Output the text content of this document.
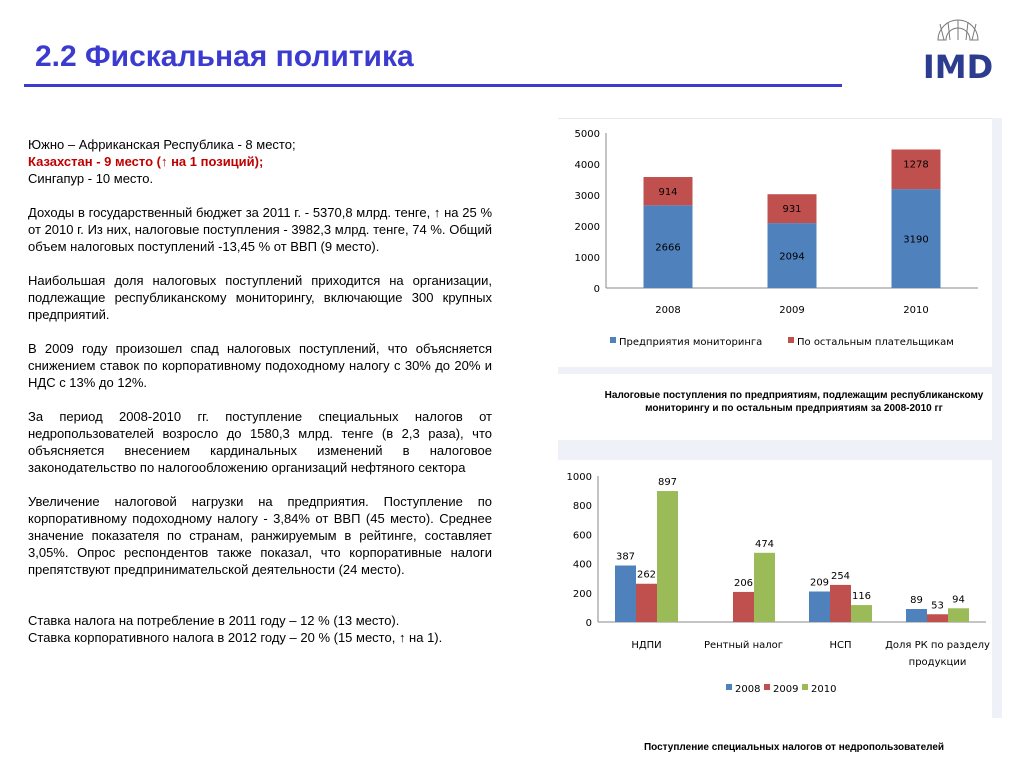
2.2 Фискальная политика	IMD

Южно – Африканская Республика - 8 место;
Казахстан - 9 место (↑ на 1 позиций);
Сингапур - 10 место.

Доходы в государственный бюджет за 2011 г. - 5370,8 млрд. тенге, ↑ на 25 % от 2010 г. Из них, налоговые поступления - 3982,3 млрд. тенге, 74 %. Общий объем налоговых поступлений -13,45 % от ВВП (9 место).

Наибольшая доля налоговых поступлений приходится на организации, подлежащие республиканскому мониторингу, включающие 300 крупных предприятий.

В 2009 году произошел спад налоговых поступлений, что объясняется снижением ставок по корпоративному подоходному налогу с 30% до 20% и НДС с 13% до 12%.

За период 2008-2010 гг. поступление специальных налогов от недропользователей возросло до 1580,3 млрд. тенге (в 2,3 раза), что объясняется внесением кардинальных изменений в налоговое законодательство по налогообложению организаций нефтяного сектора

Увеличение налоговой нагрузки на предприятия. Поступление по корпоративному подоходному налогу - 3,84% от ВВП (45 место). Среднее значение показателя по странам, ранжируемым в рейтинге, составляет 3,05%. Опрос респондентов также показал, что корпоративные налоги препятствуют предпринимательской деятельности (24 место).

Ставка налога на потребление в 2011 году – 12 % (13 место).
Ставка корпоративного налога в 2012 году – 20 % (15 место, ↑ на 1).

0
1000
2000
3000
4000
5000
2666
914
2008
2094
931
2009
3190
1278
2010
Предприятия мониторинга	По остальным плательщикам
Налоговые поступления по предприятиям, подлежащим республиканскому мониторингу и по остальным предприятиям за 2008-2010 гг
0
200
400
600
800
1000
387
262
897
НДПИ
206
474
Рентный налог
209
254
116
НСП
89 53
94
Доля РК по разделу
продукции
2008 2009 2010
Поступление специальных налогов от недропользователей
